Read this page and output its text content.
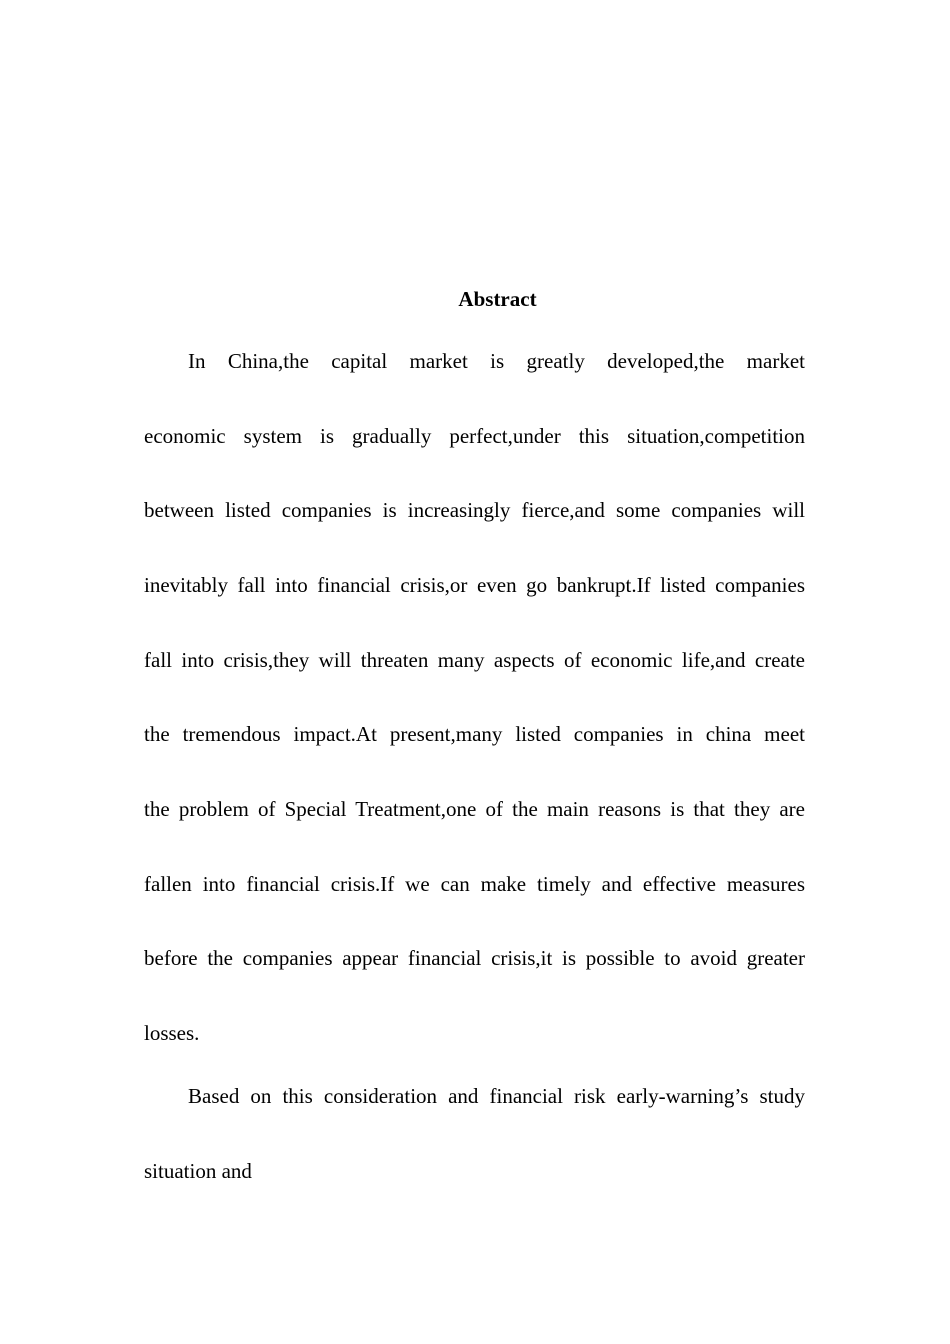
Abstract

In China,the capital market is greatly developed,the market

economic system is gradually perfect,under this situation,competition

between listed companies is increasingly fierce,and some companies will

inevitably fall into financial crisis,or even go bankrupt.If listed companies

fall into crisis,they will threaten many aspects of economic life,and create

the tremendous impact.At present,many listed companies in china meet

the problem of Special Treatment,one of the main reasons is that they are

fallen into financial crisis.If we can make timely and effective measures

before the companies appear financial crisis,it is possible to avoid greater

losses.

Based on this consideration and financial risk early-warning’s study

situation and
